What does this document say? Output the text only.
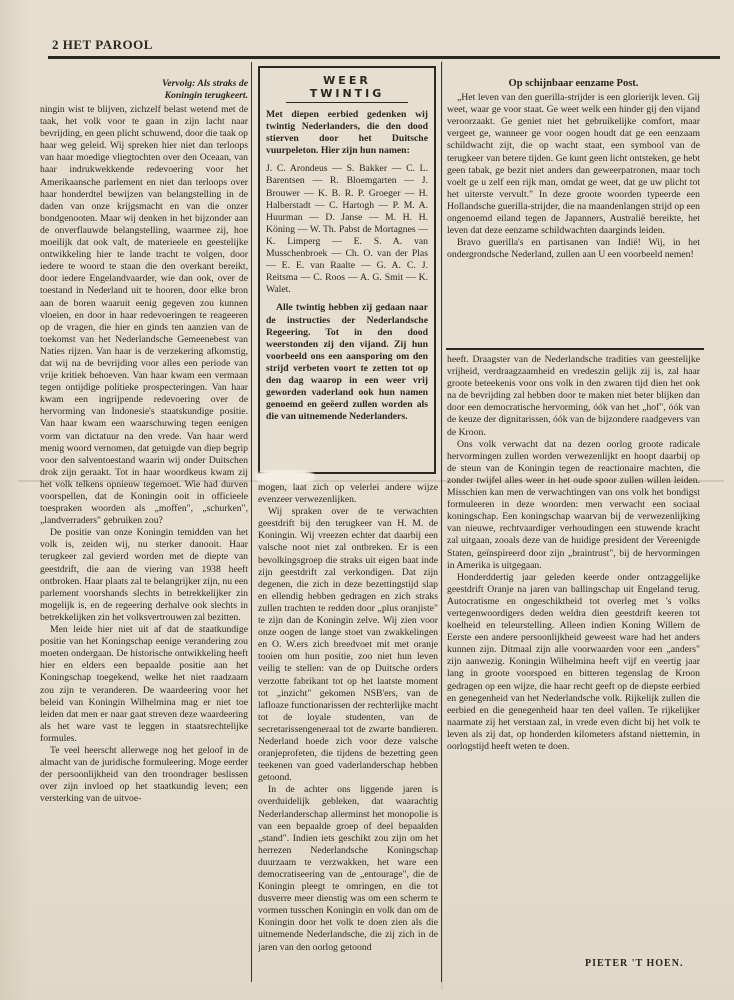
2 HET PAROOL
Vervolg: Als straks de
Koningin terugkeert.

ningin wist te blijven, zichzelf belast wetend met de taak, het volk voor te gaan in zijn lacht naar bevrijding, en geen plicht schuwend, door die taak op haar weg geleid. Wij spreken hier niet dan terloops van haar moedige vliegtochten over den Oceaan, van haar indrukwekkende redevoering voor het Amerikaansche parlement en niet dan terloops over haar honderdtel bewijzen van belangstelling in de daden van onze krijgsmacht en van die onzer bondgenooten. Maar wij denken in het bijzonder aan de onverflauwde belangstelling, waarmee zij, hoe moeilijk dat ook valt, de materieele en geestelijke ontwikkeling hier te lande tracht te volgen, door iedere te woord te staan die den overkant bereikt, door iedere Engelandvaarder, wie dan ook, over de toestand in Nederland uit te hooren, door elke bron aan de boren waaruit eenig gegeven zou kunnen vloeien, en door in haar redevoeringen te reageeren op de vragen, die hier en ginds ten aanzien van de toekomst van het Nederlandsche Gemeenebest van Naties rijzen. Van haar is de verzekering afkomstig, dat wij na de bevrijding voor alles een periode van vrije kritiek behoeven. Van haar kwam een vermaan tegen ontijdige politieke prospecteringen. Van haar kwam een ingrijpende redevoering over de hervorming van Indonesie's staatskundige positie. Van haar kwam een waarschuwing tegen eenigen vorm van dictatuur na den vrede. Van haar werd menig woord vernomen, dat getuigde van diep begrip voor den salventoestand waarin wij onder Duitschen drok zijn geraakt. Tot in haar woordkeus kwam zij het volk telkens opnieuw tegemoet. Wie had durven voorspellen, dat de Koningin ooit in officieele toespraken woorden als „moffen", „schurken", „landverraders" gebruiken zou?

De positie van onze Koningin temidden van het volk is, zeiden wij, nu sterker danooit. Haar terugkeer zal gevierd worden met de diepte van geestdrift, die aan de viering van 1938 heeft ontbroken. Haar plaats zal te belangrijker zijn, nu een parlement voorshands slechts in betrekkelijker zin mogelijk is, en de regeering derhalve ook slechts in betrekkelijken zin het volksvertrouwen zal bezitten.

Men leide hier niet uit af dat de staatkundige positie van het Koningschap eenige verandering zou moeten ondergaan. De historische ontwikkeling heeft hier en elders een bepaalde positie aan het Koningschap toegekend, welke het niet raadzaam zou zijn te veranderen. De waardeering voor het beleid van Koningin Wilhelmina mag er niet toe leiden dat men er naar gaat streven deze waardeering als het ware vast te leggen in staatsrechtelijke formules.

Te veel heerscht allerwege nog het geloof in de almacht van de juridische formuleering. Moge eerder der persoonlijkheid van den troondrager beslissen over zijn invloed op het staatkundig leven; een versterking van de uitvoe-

WEER TWINTIG
Met diepen eerbied gedenken wij twintig Nederlanders, die den dood stierven door het Duitsche vuurpeleton. Hier zijn hun namen:
J. C. Arondeus — S. Bakker — C. L. Barentsen — R. Bloemgarten — J. Brouwer — K. B. R. P. Groeger — H. Halberstadt — C. Hartogh — P. M. A. Huurman — D. Janse — M. H. H. Köning — W. Th. Pabst de Mortagnes — K. Limperg — E. S. A. van Musschenbroek — Ch. O. van der Plas — E. E. van Raalte — G. A. C. J. Reitsma — C. Roos — A. G. Smit — K. Walet.
Alle twintig hebben zij gedaan naar de instructies der Nederlandsche Regeering. Tot in den dood weerstonden zij den vijand. Zij hun voorbeeld ons een aansporing om den strijd verbeten voort te zetten tot op den dag waarop in een weer vrij geworden vaderland ook hun namen genoemd en geëerd zullen worden als die van uitnemende Nederlanders.

mogen, laat zich op velerlei andere wijze evenzeer verwezenlijken.

Wij spraken over de te verwachten geestdrift bij den terugkeer van H. M. de Koningin. Wij vreezen echter dat daarbij een valsche noot niet zal ontbreken. Er is een bevolkingsgroep die straks uit eigen baat inde zijn geestdrift zal verkondigen. Dat zijn degenen, die zich in deze bezettingstijd slap en ellendig hebben gedragen en zich straks zullen trachten te redden door „plus oranjiste" te zijn dan de Koningin zelve. Wij zien voor onze oogen de lange stoet van zwakkelingen en O. W.ers zich breedvoet mit met oranje tooien om hun positie, zoo niet hun leven veilig te stellen: van de op Duitsche orders verzotte fabrikant tot op het laatste moment tot „inzicht" gekomen NSB'ers, van de lafloaze functionarissen der rechterlijke macht tot de loyale studenten, van de secretarissengeneraal tot de zwarte bandieren. Nederland hoede zich voor deze valsche oranjeprofeten, die tijdens de bezetting geen teekenen van goed vaderlanderschap hebben getoond.

In de achter ons liggende jaren is overduidelijk gebleken, dat waarachtig Nederlanderschap allerminst het monopolie is van een bepaalde groep of deel bepaalden „stand". Indien iets geschikt zou zijn om het herrezen Nederlandsche Koningschap duurzaam te verzwakken, het ware een democratiseering van de „entourage", die de Koningin pleegt te omringen, en die tot dusverre meer dienstig was om een scherm te vormen tusschen Koningin en volk dan om de Koningin door het volk te doen zien als die uitnemende Nederlandsche, die zij zich in de jaren van den oorlog getoond

Op schijnbaar eenzame Post.

„Het leven van den guerilla-strijder is een glorierijk leven. Gij weet, waar ge voor staat. Ge weet welk een hinder gij den vijand veroorzaakt. Ge geniet niet het gebruikelijke comfort, maar vergeet ge, wanneer ge voor oogen houdt dat ge een eenzaam schildwacht zijt, die op wacht staat, een symbool van de terugkeer van betere tijden. Ge kunt geen licht ontsteken, ge hebt geen tabak, ge bezit niet anders dan geweerpatronen, maar toch voelt ge u zelf een rijk man, omdat ge weet, dat ge uw plicht tot het uiterste vervult." In deze groote woorden typeerde een Hollandsche guerilla-strijder, die na maandenlangen strijd op een ongenoemd eiland tegen de Japanners, Australië bereikte, het leven dat deze eenzame schildwachten daarginds leiden.

Bravo guerilla's en partisanen van Indië! Wij, in het ondergrondsche Nederland, zullen aan U een voorbeeld nemen!

heeft. Draagster van de Nederlandsche tradities van geestelijke vrijheid, verdraagzaamheid en vredeszin gelijk zij is, zal haar groote beteekenis voor ons volk in den zwaren tijd dien het ook na de bevrijding zal hebben door te maken niet beter blijken dan door een democratische hervorming, óók van het „hof", óók van de keuze der dignitarissen, óók van de bijzondere raadgevers van de Kroon.

Ons volk verwacht dat na dezen oorlog groote radicale hervormingen zullen worden verwezenlijkt en hoopt daarbij op de steun van de Koningin tegen de reactionaire machten, die zonder twijfel alles weer in het oude spoor zullen willen leiden. Misschien kan men de verwachtingen van ons volk het bondigst formuleeren in deze woorden: men verwacht een sociaal koningschap. Een koningschap waarvan bij de verwezenlijking van nieuwe, rechtvaardiger verhoudingen een stuwende kracht zal uitgaan, zooals deze van de huidige president der Vereenigde Staten, geïnspireerd door zijn „braintrust", bij de hervormingen in Amerika is uitgegaan.

Honderddertig jaar geleden keerde onder ontzaggelijke geestdrift Oranje na jaren van ballingschap uit Engeland terug. Autocratisme en ongeschiktheid tot overleg met 's volks vertegenwoordigers deden weldra dien geestdrift keeren tot koelheid en teleurstelling. Alleen indien Koning Willem de Eerste een andere persoonlijkheid geweest ware had het anders kunnen zijn. Ditmaal zijn alle voorwaarden voor een „anders" zijn aanwezig. Koningin Wilhelmina heeft vijf en veertig jaar lang in groote voorspoed en bitteren tegenslag de Kroon gedragen op een wijze, die haar recht geeft op de diepste eerbied en genegenheid van het Nederlandsche volk. Rijkelijk zullen die eerbied en die genegenheid haar ten deel vallen. Te rijkelijker naarmate zij het verstaan zal, in vrede even dicht bij het volk te leven als zij dat, op honderden kilometers afstand niettemin, in oorlogstijd heeft weten te doen.

PIETER 'T HOEN.
